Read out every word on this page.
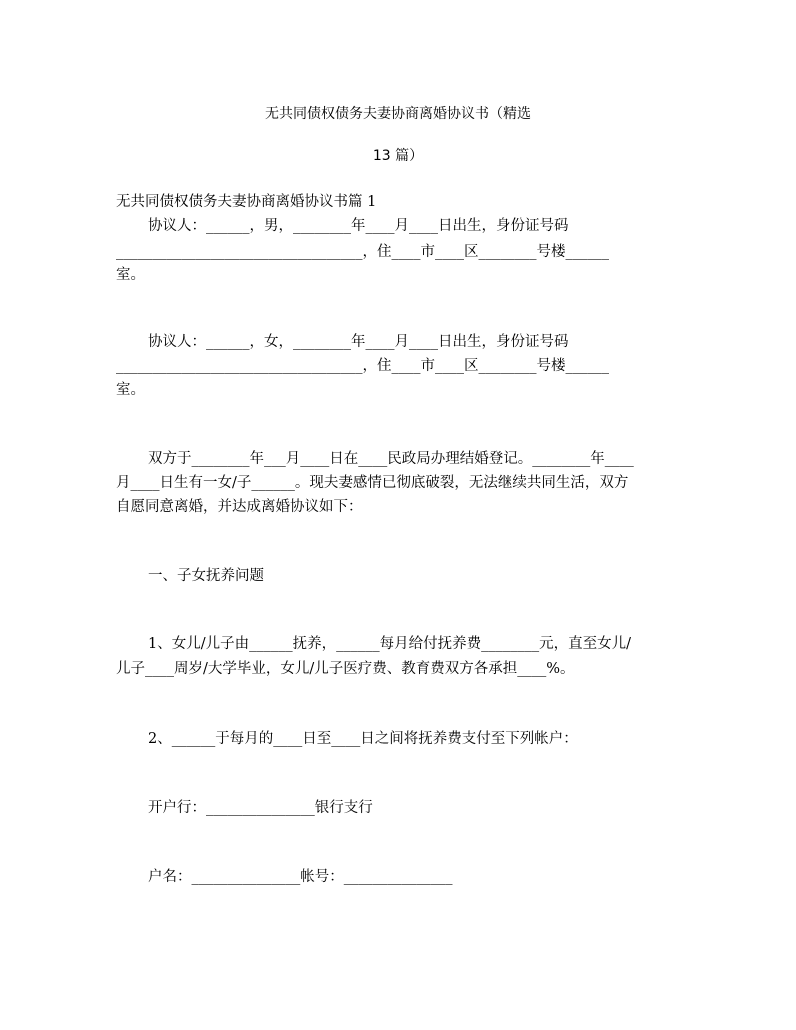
无共同债权债务夫妻协商离婚协议书（精选
13 篇）
无共同债权债务夫妻协商离婚协议书篇 1
协议人：______，男，________年____月____日出生，身份证号码
__________________________________，住____市____区________号楼______
室。
协议人：______，女，________年____月____日出生，身份证号码
__________________________________，住____市____区________号楼______
室。
双方于________年___月____日在____民政局办理结婚登记。________年____
月____日生有一女/子______。现夫妻感情已彻底破裂，无法继续共同生活，双方
自愿同意离婚，并达成离婚协议如下：
一、子女抚养问题
1、女儿/儿子由______抚养，______每月给付抚养费________元，直至女儿/
儿子____周岁/大学毕业，女儿/儿子医疗费、教育费双方各承担____%。
2、______于每月的____日至____日之间将抚养费支付至下列帐户：
开户行：_______________银行支行
户名：_______________帐号：_______________
